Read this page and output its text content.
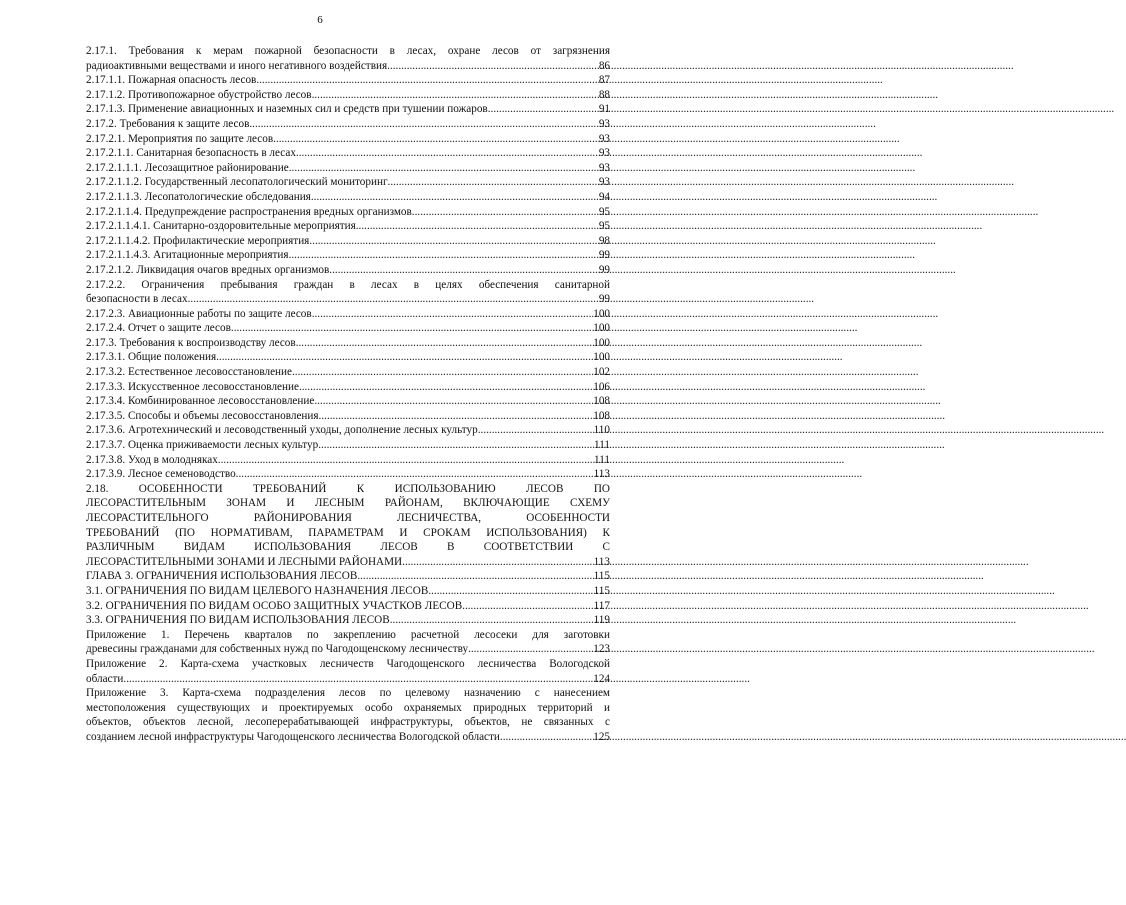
6
2.17.1. Требования к мерам пожарной безопасности в лесах, охране лесов от загрязнения
радиоактивными веществами и иного негативного воздействия .....	86
2.17.1.1. Пожарная опасность лесов .....	87
2.17.1.2. Противопожарное обустройство лесов .....	88
2.17.1.3. Применение авиационных и наземных сил и средств при тушении пожаров .....	91
2.17.2. Требования к защите лесов .....	93
2.17.2.1. Мероприятия по защите лесов .....	93
2.17.2.1.1. Санитарная безопасность в лесах .....	93
2.17.2.1.1.1. Лесозащитное районирование .....	93
2.17.2.1.1.2. Государственный лесопатологический мониторинг .....	93
2.17.2.1.1.3. Лесопатологические обследования .....	94
2.17.2.1.1.4. Предупреждение распространения вредных организмов .....	95
2.17.2.1.1.4.1. Санитарно-оздоровительные мероприятия .....	95
2.17.2.1.1.4.2. Профилактические мероприятия .....	98
2.17.2.1.1.4.3. Агитационные мероприятия .....	99
2.17.2.1.2. Ликвидация очагов вредных организмов .....	99
2.17.2.2. Ограничения пребывания граждан в лесах в целях обеспечения санитарной
безопасности в лесах .....	99
2.17.2.3. Авиационные работы по защите лесов .....	100
2.17.2.4. Отчет о защите лесов .....	100
2.17.3. Требования к воспроизводству лесов .....	100
2.17.3.1. Общие положения .....	100
2.17.3.2. Естественное лесовосстановление .....	102
2.17.3.3. Искусственное лесовосстановление .....	106
2.17.3.4. Комбинированное лесовосстановление .....	108
2.17.3.5. Способы и объемы лесовосстановления .....	108
2.17.3.6. Агротехнический и лесоводственный уходы, дополнение лесных культур .....	110
2.17.3.7. Оценка приживаемости лесных культур .....	111
2.17.3.8. Уход в молодняках .....	111
2.17.3.9. Лесное семеноводство .....	113
2.18. ОСОБЕННОСТИ ТРЕБОВАНИЙ К ИСПОЛЬЗОВАНИЮ ЛЕСОВ ПО
ЛЕСОРАСТИТЕЛЬНЫМ ЗОНАМ И ЛЕСНЫМ РАЙОНАМ, ВКЛЮЧАЮЩИЕ СХЕМУ
ЛЕСОРАСТИТЕЛЬНОГО РАЙОНИРОВАНИЯ ЛЕСНИЧЕСТВА, ОСОБЕННОСТИ
ТРЕБОВАНИЙ (ПО НОРМАТИВАМ, ПАРАМЕТРАМ И СРОКАМ ИСПОЛЬЗОВАНИЯ) К
РАЗЛИЧНЫМ ВИДАМ ИСПОЛЬЗОВАНИЯ ЛЕСОВ В СООТВЕТСТВИИ С
ЛЕСОРАСТИТЕЛЬНЫМИ ЗОНАМИ И ЛЕСНЫМИ РАЙОНАМИ .....	113
ГЛАВА 3. ОГРАНИЧЕНИЯ ИСПОЛЬЗОВАНИЯ ЛЕСОВ .....	115
3.1. ОГРАНИЧЕНИЯ ПО ВИДАМ ЦЕЛЕВОГО НАЗНАЧЕНИЯ ЛЕСОВ .....	115
3.2. ОГРАНИЧЕНИЯ ПО ВИДАМ ОСОБО ЗАЩИТНЫХ УЧАСТКОВ ЛЕСОВ .....	117
3.3. ОГРАНИЧЕНИЯ ПО ВИДАМ ИСПОЛЬЗОВАНИЯ ЛЕСОВ .....	119
Приложение 1. Перечень кварталов по закреплению расчетной лесосеки для заготовки
древесины гражданами для собственных нужд по Чагодощенскому лесничеству .....	123
Приложение 2. Карта-схема участковых лесничеств Чагодощенского лесничества Вологодской
области .....	124
Приложение 3. Карта-схема подразделения лесов по целевому назначению с нанесением
местоположения существующих и проектируемых особо охраняемых природных территорий и
объектов, объектов лесной, лесоперерабатывающей инфраструктуры, объектов, не связанных с
созданием лесной инфраструктуры Чагодощенского лесничества Вологодской области .....	125
